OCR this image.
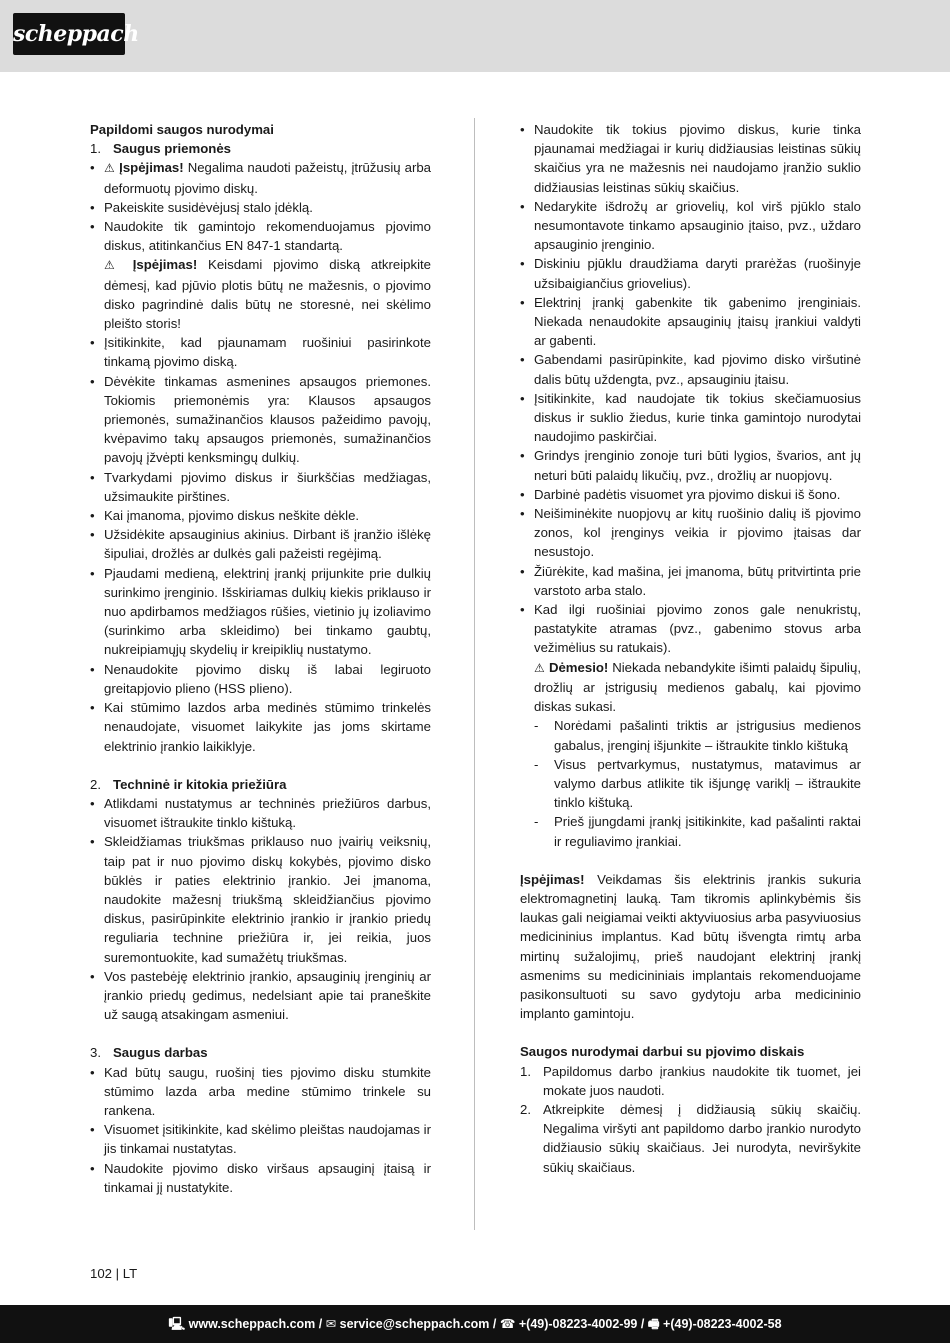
scheppach
Papildomi saugos nurodymai
1. Saugus priemonės
• ⚠ Įspėjimas! Negalima naudoti pažeistų, įtrūžusių arba deformuotų pjovimo diskų.
• Pakeiskite susidėvėjusį stalo įdėklą.
• Naudokite tik gamintojo rekomenduojamus pjovimo diskus, atitinkančius EN 847-1 standartą.
⚠ Įspėjimas! Keisdami pjovimo diską atkreipkite dėmesį, kad pjūvio plotis būtų ne mažesnis, o pjovimo disko pagrindinė dalis būtų ne storesnė, nei skėlimo pleišto storis!
• Įsitikinkite, kad pjaunamam ruošiniui pasirinkote tinkamą pjovimo diską.
• Dėvėkite tinkamas asmenines apsaugos priemones. Tokiomis priemonėmis yra: Klausos apsaugos priemonės, sumažinančios klausos pažeidimo pavojų, kvėpavimo takų apsaugos priemonės, sumažinančios pavojų įžvėpti kenksmingų dulkių.
• Tvarkydami pjovimo diskus ir šiurkščias medžiagas, užsimaukite pirštines.
• Kai įmanoma, pjovimo diskus neškite dėkle.
• Užsidėkite apsauginius akinius. Dirbant iš įranžio išlėkę šipuliai, drožlės ar dulkės gali pažeisti regėjimą.
• Pjaudami medieną, elektrinį įrankį prijunkite prie dulkių surinkimo įrenginio. Išskiriamas dulkių kiekis priklauso ir nuo apdirbamos medžiagos rūšies, vietinio jų izoliavimo (surinkimo arba skleidimo) bei tinkamo gaubtų, nukreipiamųjų skydelių ir kreipiklių nustatymo.
• Nenaudokite pjovimo diskų iš labai legiruoto greitapjovio plieno (HSS plieno).
• Kai stūmimo lazdos arba medinės stūmimo trinkelės nenaudojate, visuomet laikykite jas joms skirtame elektrinio įrankio laikiklyje.
2. Techninė ir kitokia priežiūra
• Atlikdami nustatymus ar techninės priežiūros darbus, visuomet ištraukite tinklo kištuką.
• Skleidžiamas triukšmas priklauso nuo įvairių veiksnių, taip pat ir nuo pjovimo diskų kokybės, pjovimo disko būklės ir paties elektrinio įrankio. Jei įmanoma, naudokite mažesnį triukšmą skleidžiančius pjovimo diskus, pasirūpinkite elektrinio įrankio ir įrankio priedų reguliaria technine priežiūra ir, jei reikia, juos suremontuokite, kad sumažėtų triukšmas.
• Vos pastebėję elektrinio įrankio, apsauginių įrenginių ar įrankio priedų gedimus, nedelsiant apie tai praneškite už saugą atsakingam asmeniui.
3. Saugus darbas
• Kad būtų saugu, ruošinį ties pjovimo disku stumkite stūmimo lazda arba medine stūmimo trinkele su rankena.
• Visuomet įsitikinkite, kad skėlimo pleištas naudojamas ir jis tinkamai nustatytas.
• Naudokite pjovimo disko viršaus apsauginį įtaisą ir tinkamai jį nustatykite.
• Naudokite tik tokius pjovimo diskus, kurie tinka pjaunamai medžiagai ir kurių didžiausias leistinas sūkių skaičius yra ne mažesnis nei naudojamo įranžio suklio didžiausias leistinas sūkių skaičius.
• Nedarykite išdrožų ar griovelių, kol virš pjūklo stalo nesumontavote tinkamo apsauginio įtaiso, pvz., uždaro apsauginio įrenginio.
• Diskiniu pjūklu draudžiama daryti prarėžas (ruošinyje užsibaigiančius griovelius).
• Elektrinį įrankį gabenkite tik gabenimo įrenginiais. Niekada nenaudokite apsauginių įtaisų įrankiui valdyti ar gabenti.
• Gabendami pasirūpinkite, kad pjovimo disko viršutinė dalis būtų uždengta, pvz., apsauginiu įtaisu.
• Įsitikinkite, kad naudojate tik tokius skečiamuosius diskus ir suklio žiedus, kurie tinka gamintojo nurodytai naudojimo paskirčiai.
• Grindys įrenginio zonoje turi būti lygios, švarios, ant jų neturi būti palaidų likučių, pvz., drožlių ar nuopjovų.
• Darbinė padėtis visuomet yra pjovimo diskui iš šono.
• Neišiminėkite nuopjovų ar kitų ruošinio dalių iš pjovimo zonos, kol įrenginys veikia ir pjovimo įtaisas dar nesustojo.
• Žiūrėkite, kad mašina, jei įmanoma, būtų pritvirtinta prie varstoto arba stalo.
• Kad ilgi ruošiniai pjovimo zonos gale nenukristų, pastatykite atramas (pvz., gabenimo stovus arba vežimėlius su ratukais).
⚠ Dėmesio! Niekada nebandykite išimti palaidų šipulių, drožlių ar įstrigusių medienos gabalų, kai pjovimo diskas sukasi.
-	Norėdami pašalinti triktis ar įstrigusius medienos gabalus, įrenginį išjunkite – ištraukite tinklo kištuką
-	Visus pertvarkymus, nustatymus, matavimus ar valymo darbus atlikite tik išjungę variklį – ištraukite tinklo kištuką.
-	Prieš įjungdami įrankį įsitikinkite, kad pašalinti raktai ir reguliavimo įrankiai.
Įspėjimas! Veikdamas šis elektrinis įrankis sukuria elektromagnetinį lauką. Tam tikromis aplinkybėmis šis laukas gali neigiamai veikti aktyviuosius arba pasyviuosius medicininius implantus. Kad būtų išvengta rimtų arba mirtinų sužalojimų, prieš naudojant elektrinį įrankį asmenims su medicininiais implantais rekomenduojame pasikonsultuoti su savo gydytoju arba medicininio implanto gamintoju.
Saugos nurodymai darbui su pjovimo diskais
1. Papildomus darbo įrankius naudokite tik tuomet, jei mokate juos naudoti.
2. Atkreipkite dėmesį į didžiausią sūkių skaičių. Negalima viršyti ant papildomo darbo įrankio nurodyto didžiausio sūkių skaičiaus. Jei nurodyta, neviršykite sūkių skaičiaus.
102 | LT
🖳 www.scheppach.com / ✉ service@scheppach.com / ☎ +(49)-08223-4002-99 / 🖷 +(49)-08223-4002-58
